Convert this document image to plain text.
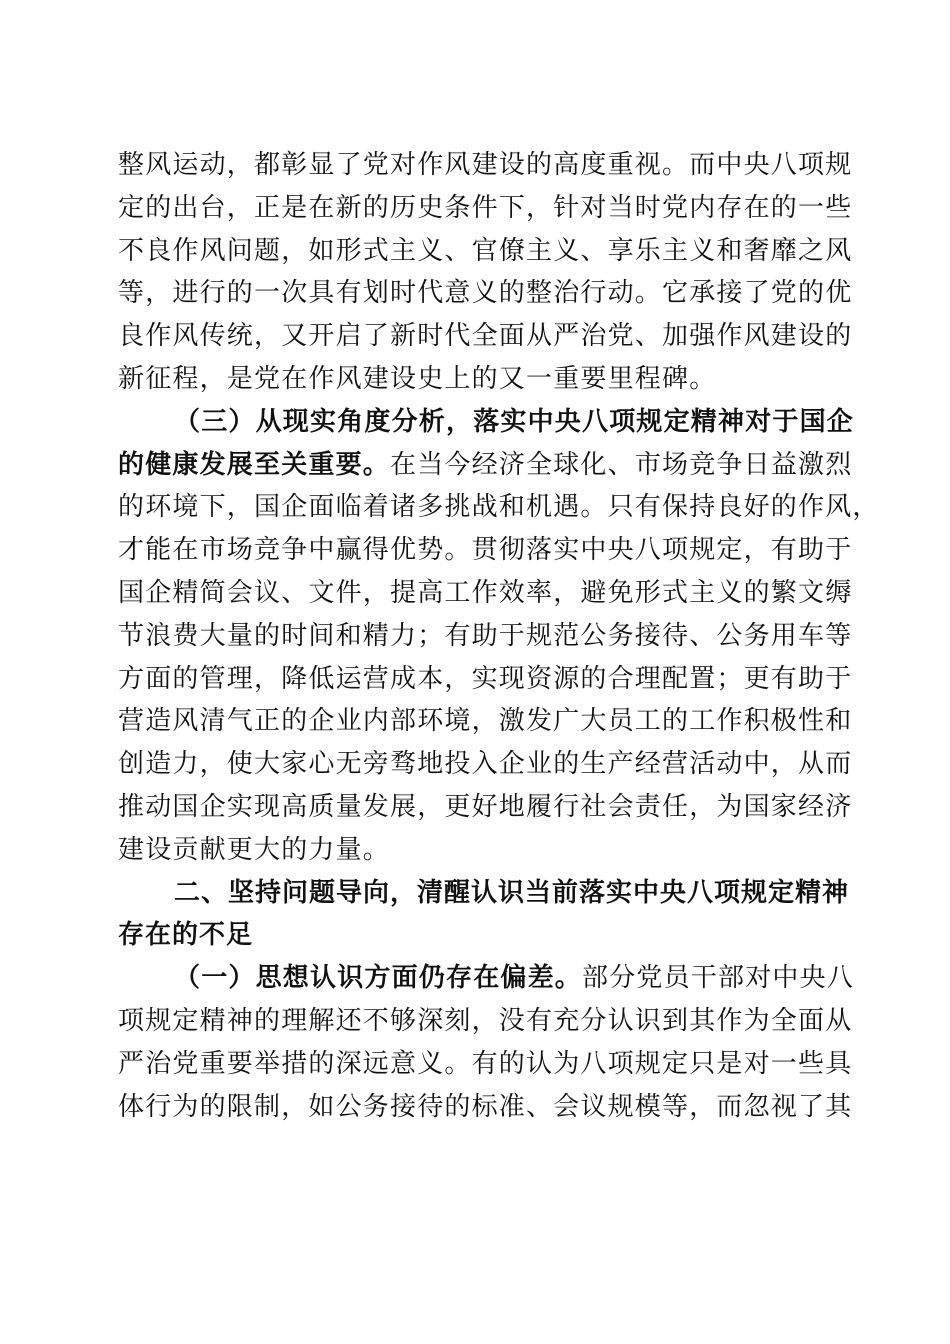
整风运动，都彰显了党对作风建设的高度重视。而中央八项规
定的出台，正是在新的历史条件下，针对当时党内存在的一些
不良作风问题，如形式主义、官僚主义、享乐主义和奢靡之风
等，进行的一次具有划时代意义的整治行动。它承接了党的优
良作风传统，又开启了新时代全面从严治党、加强作风建设的
新征程，是党在作风建设史上的又一重要里程碑。
（三）从现实角度分析，落实中央八项规定精神对于国企
的健康发展至关重要。在当今经济全球化、市场竞争日益激烈
的环境下，国企面临着诸多挑战和机遇。只有保持良好的作风，
才能在市场竞争中赢得优势。贯彻落实中央八项规定，有助于
国企精简会议、文件，提高工作效率，避免形式主义的繁文缛
节浪费大量的时间和精力；有助于规范公务接待、公务用车等
方面的管理，降低运营成本，实现资源的合理配置；更有助于
营造风清气正的企业内部环境，激发广大员工的工作积极性和
创造力，使大家心无旁骛地投入企业的生产经营活动中，从而
推动国企实现高质量发展，更好地履行社会责任，为国家经济
建设贡献更大的力量。
二、坚持问题导向，清醒认识当前落实中央八项规定精神
存在的不足
（一）思想认识方面仍存在偏差。部分党员干部对中央八
项规定精神的理解还不够深刻，没有充分认识到其作为全面从
严治党重要举措的深远意义。有的认为八项规定只是对一些具
体行为的限制，如公务接待的标准、会议规模等，而忽视了其
